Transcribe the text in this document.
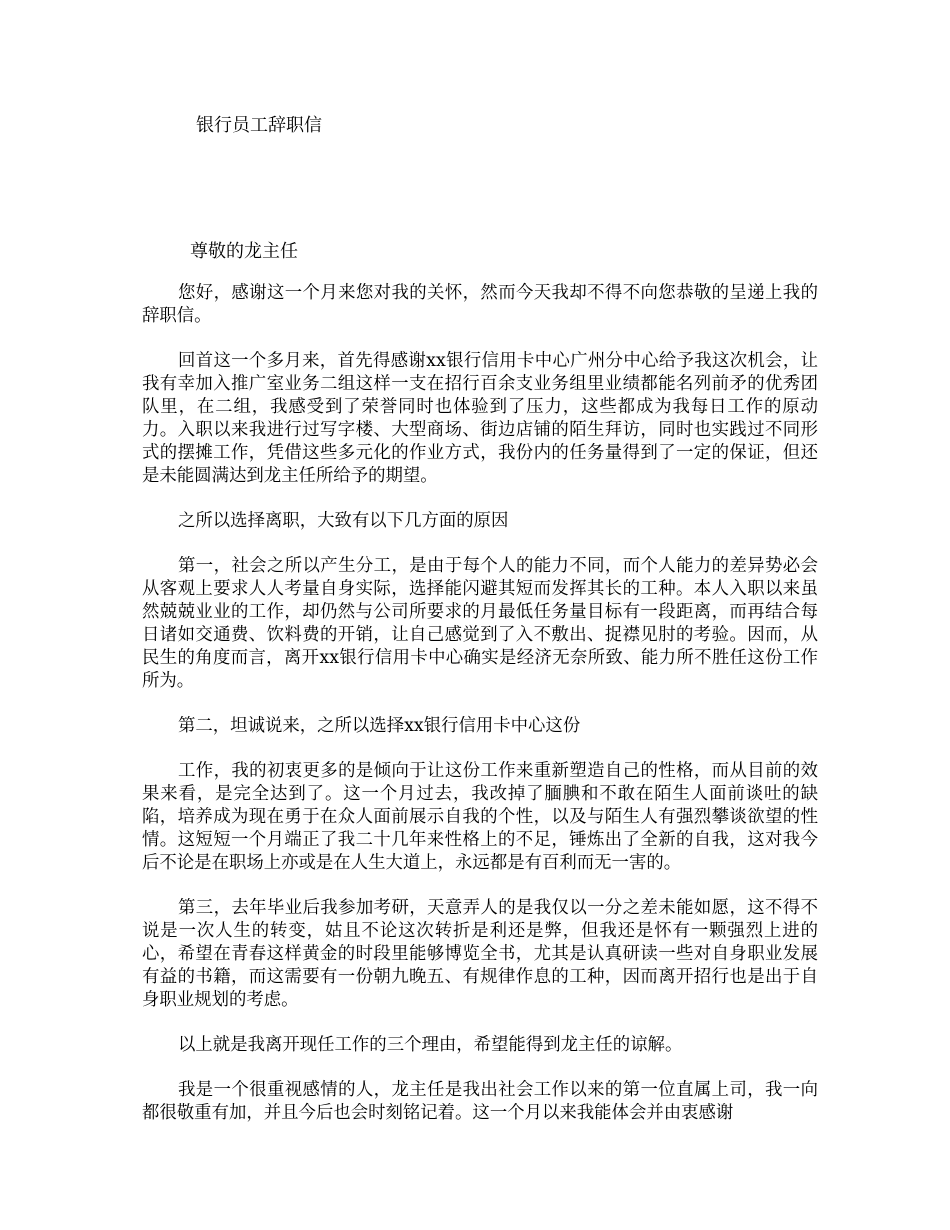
银行员工辞职信
尊敬的龙主任

您好，感谢这一个月来您对我的关怀，然而今天我却不得不向您恭敬的呈递上我的辞职信。

回首这一个多月来，首先得感谢xx银行信用卡中心广州分中心给予我这次机会，让我有幸加入推广室业务二组这样一支在招行百余支业务组里业绩都能名列前矛的优秀团队里，在二组，我感受到了荣誉同时也体验到了压力，这些都成为我每日工作的原动力。入职以来我进行过写字楼、大型商场、街边店铺的陌生拜访，同时也实践过不同形式的摆摊工作，凭借这些多元化的作业方式，我份内的任务量得到了一定的保证，但还是未能圆满达到龙主任所给予的期望。

之所以选择离职，大致有以下几方面的原因

第一，社会之所以产生分工，是由于每个人的能力不同，而个人能力的差异势必会从客观上要求人人考量自身实际，选择能闪避其短而发挥其长的工种。本人入职以来虽然兢兢业业的工作，却仍然与公司所要求的月最低任务量目标有一段距离，而再结合每日诸如交通费、饮料费的开销，让自己感觉到了入不敷出、捉襟见肘的考验。因而，从民生的角度而言，离开xx银行信用卡中心确实是经济无奈所致、能力所不胜任这份工作所为。

第二，坦诚说来，之所以选择xx银行信用卡中心这份

工作，我的初衷更多的是倾向于让这份工作来重新塑造自己的性格，而从目前的效果来看，是完全达到了。这一个月过去，我改掉了腼腆和不敢在陌生人面前谈吐的缺陷，培养成为现在勇于在众人面前展示自我的个性，以及与陌生人有强烈攀谈欲望的性情。这短短一个月端正了我二十几年来性格上的不足，锤炼出了全新的自我，这对我今后不论是在职场上亦或是在人生大道上，永远都是有百利而无一害的。

第三，去年毕业后我参加考研，天意弄人的是我仅以一分之差未能如愿，这不得不说是一次人生的转变，姑且不论这次转折是利还是弊，但我还是怀有一颗强烈上进的心，希望在青春这样黄金的时段里能够博览全书，尤其是认真研读一些对自身职业发展有益的书籍，而这需要有一份朝九晚五、有规律作息的工种，因而离开招行也是出于自身职业规划的考虑。

以上就是我离开现任工作的三个理由，希望能得到龙主任的谅解。

我是一个很重视感情的人，龙主任是我出社会工作以来的第一位直属上司，我一向都很敬重有加，并且今后也会时刻铭记着。这一个月以来我能体会并由衷感谢
